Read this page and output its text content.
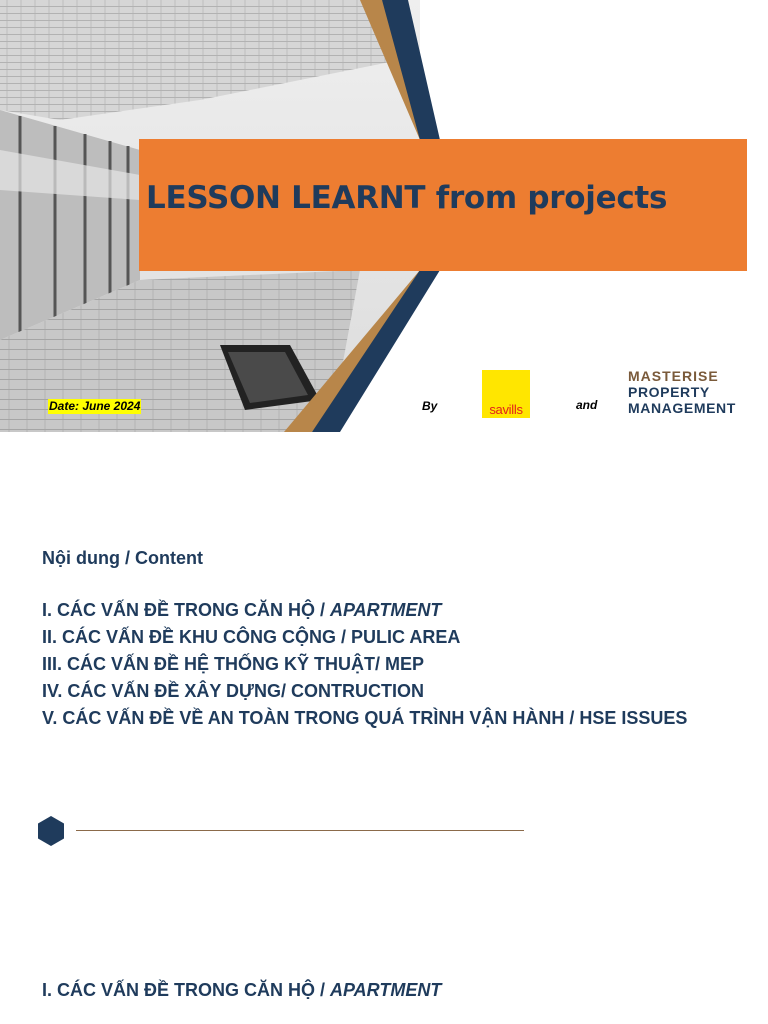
LESSON LEARNT from projects
Date: June 2024	By	savills	and
MASTERISE
PROPERTY
MANAGEMENT
Nội dung / Content
I. CÁC VẤN ĐỀ TRONG CĂN HỘ / APARTMENT
II. CÁC VẤN ĐỀ KHU CÔNG CỘNG / PULIC AREA
III. CÁC VẤN ĐỀ HỆ THỐNG KỸ THUẬT/ MEP
IV. CÁC VẤN ĐỀ XÂY DỰNG/ CONTRUCTION
V. CÁC VẤN ĐỀ VỀ AN TOÀN TRONG QUÁ TRÌNH VẬN HÀNH / HSE ISSUES
I. CÁC VẤN ĐỀ TRONG CĂN HỘ / APARTMENT
